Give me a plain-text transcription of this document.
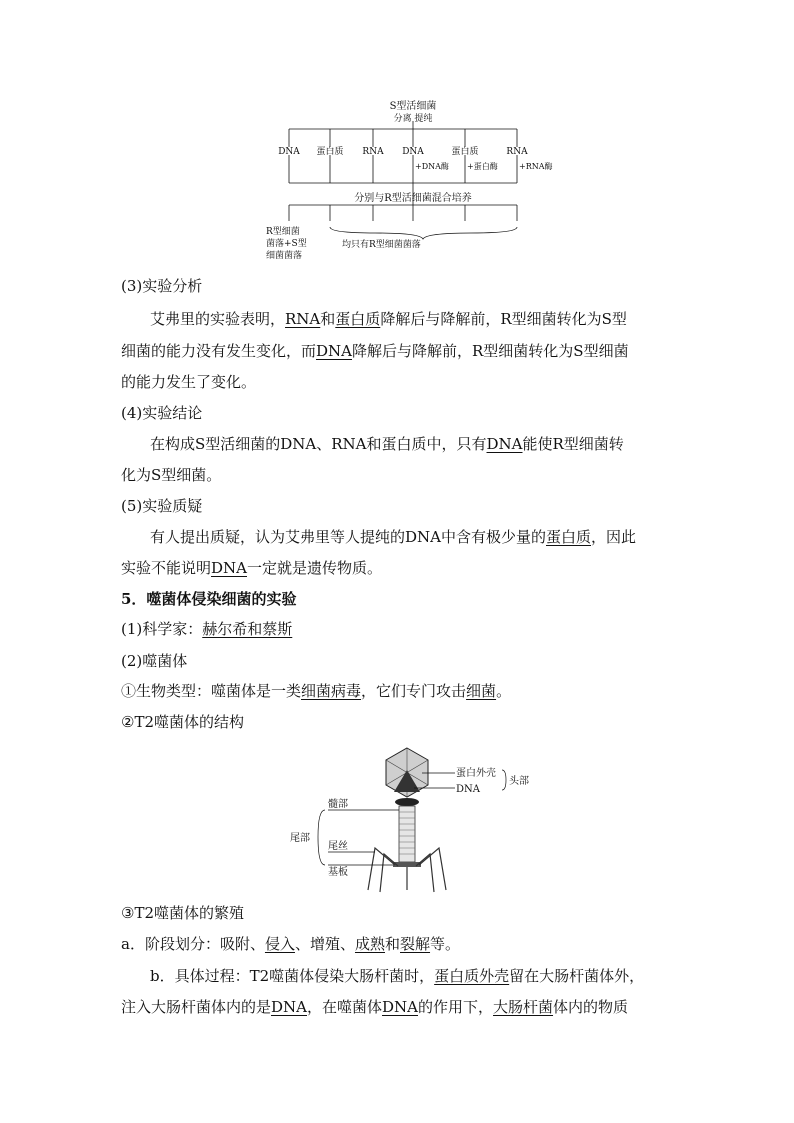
S型活细菌
分离 提纯
DNA 蛋白质 RNA DNA	蛋白质	RNA
+DNA酶 +蛋白酶	+RNA酶
分别与R型活细菌混合培养
R型细菌
菌落+S型
细菌菌落
均只有R型细菌菌落
(3)实验分析
艾弗里的实验表明，RNA和蛋白质降解后与降解前，R型细菌转化为S型
细菌的能力没有发生变化，而DNA降解后与降解前，R型细菌转化为S型细菌
的能力发生了变化。
(4)实验结论
在构成S型活细菌的DNA、RNA和蛋白质中，只有DNA能使R型细菌转
化为S型细菌。
(5)实验质疑
有人提出质疑，认为艾弗里等人提纯的DNA中含有极少量的蛋白质，因此
实验不能说明DNA一定就是遗传物质。
5．噬菌体侵染细菌的实验
(1)科学家：赫尔希和蔡斯
(2)噬菌体
①生物类型：噬菌体是一类细菌病毒，它们专门攻击细菌。
②T2噬菌体的结构
蛋白外壳
DNA
头部
髓部
尾部
尾丝
基板
③T2噬菌体的繁殖
a．阶段划分：吸附、侵入、增殖、成熟和裂解等。
b．具体过程：T2噬菌体侵染大肠杆菌时，蛋白质外壳留在大肠杆菌体外，
注入大肠杆菌体内的是DNA，在噬菌体DNA的作用下，大肠杆菌体内的物质
